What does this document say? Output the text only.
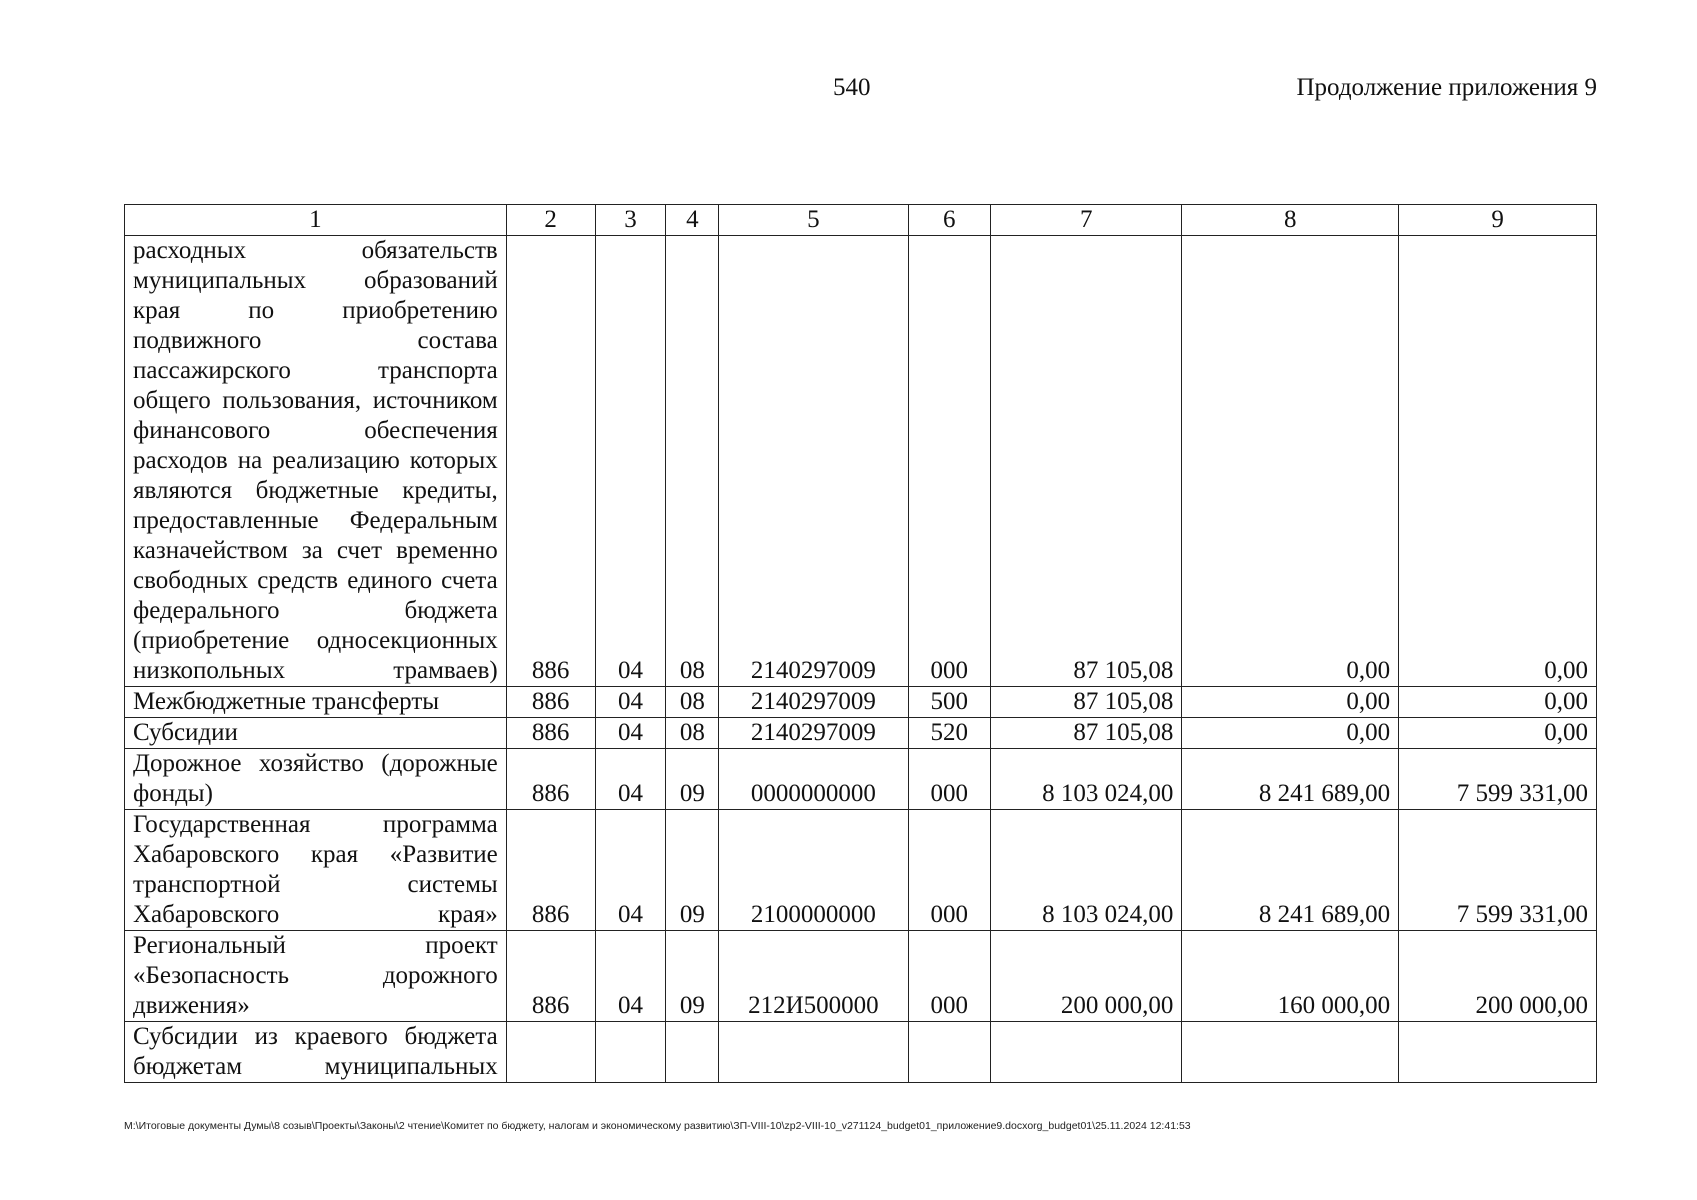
540	Продолжение приложения 9
1	2	3	4	5	6	7	8	9
расходных обязательств муниципальных образований края по приобретению подвижного состава пассажирского транспорта общего пользования, источником финансового обеспечения расходов на реализацию которых являются бюджетные кредиты, предоставленные Федеральным казначейством за счет временно свободных средств единого счета федерального бюджета (приобретение односекционных низкопольных трамваев)	886	04	08	2140297009	000	87 105,08	0,00	0,00
Межбюджетные трансферты	886	04	08	2140297009	500	87 105,08	0,00	0,00
Субсидии	886	04	08	2140297009	520	87 105,08	0,00	0,00
Дорожное хозяйство (дорожные фонды)	886	04	09	0000000000	000	8 103 024,00	8 241 689,00	7 599 331,00
Государственная программа Хабаровского края «Развитие транспортной системы Хабаровского края»	886	04	09	2100000000	000	8 103 024,00	8 241 689,00	7 599 331,00
Региональный проект «Безопасность дорожного движения»	886	04	09	212И500000	000	200 000,00	160 000,00	200 000,00
Субсидии из краевого бюджета бюджетам муниципальных								
M:\Итоговые документы Думы\8 созыв\Проекты\Законы\2 чтение\Комитет по бюджету, налогам и экономическому развитию\ЗП-VIII-10\zp2-VIII-10_v271124_budget01_приложение9.docxorg_budget01\25.11.2024 12:41:53
